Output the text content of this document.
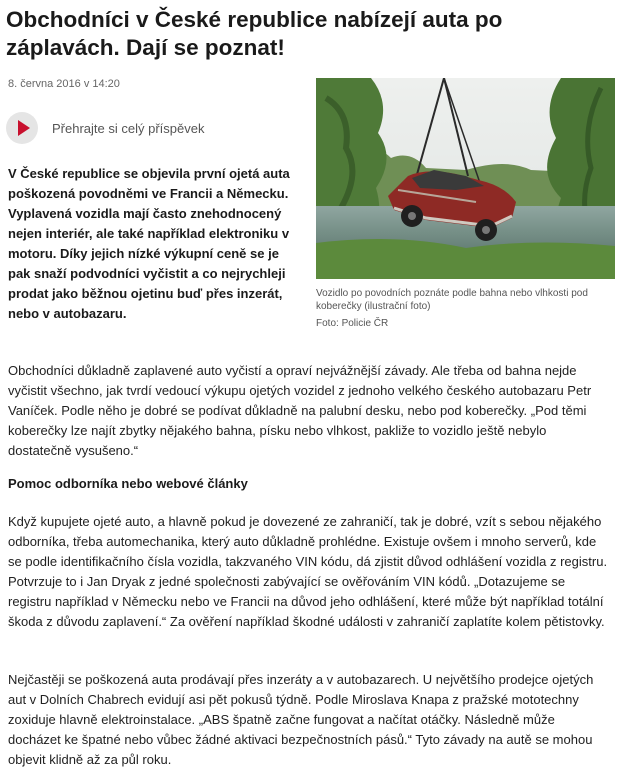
Obchodníci v České republice nabízejí auta po záplavách. Dají se poznat!
8. června 2016 v 14:20
Přehrajte si celý příspěvek

V České republice se objevila první ojetá auta poškozená povodněmi ve Francii a Německu. Vyplavená vozidla mají často znehodnocený nejen interiér, ale také například elektroniku v motoru. Díky jejich nízké výkupní ceně se je pak snaží podvodníci vyčistit a co nejrychleji prodat jako běžnou ojetinu buď přes inzerát, nebo v autobazaru.

Vozidlo po povodních poznáte podle bahna nebo vlhkosti pod koberečky (ilustrační foto)
Foto: Policie ČR

Obchodníci důkladně zaplavené auto vyčistí a opraví nejvážnější závady. Ale třeba od bahna nejde vyčistit všechno, jak tvrdí vedoucí výkupu ojetých vozidel z jednoho velkého českého autobazaru Petr Vaníček. Podle něho je dobré se podívat důkladně na palubní desku, nebo pod koberečky. „Pod těmi koberečky lze najít zbytky nějakého bahna, písku nebo vlhkost, pakliže to vozidlo ještě nebylo dostatečně vysušeno.“

Pomoc odborníka nebo webové články

Když kupujete ojeté auto, a hlavně pokud je dovezené ze zahraničí, tak je dobré, vzít s sebou nějakého odborníka, třeba automechanika, který auto důkladně prohlédne. Existuje ovšem i mnoho serverů, kde se podle identifikačního čísla vozidla, takzvaného VIN kódu, dá zjistit důvod odhlášení vozidla z registru. Potvrzuje to i Jan Dryak z jedné společnosti zabývající se ověřováním VIN kódů. „Dotazujeme se registru například v Německu nebo ve Francii na důvod jeho odhlášení, které může být například totální škoda z důvodu zaplavení.“ Za ověření například škodné události v zahraničí zaplatíte kolem pětistovky.

Nejčastěji se poškozená auta prodávají přes inzeráty a v autobazarech. U největšího prodejce ojetých aut v Dolních Chabrech evidují asi pět pokusů týdně. Podle Miroslava Knapa z pražské mototechny zoxiduje hlavně elektroinstalace. „ABS špatně začne fungovat a načítat otáčky. Následně může docházet ke špatné nebo vůbec žádné aktivaci bezpečnostních pásů.“ Tyto závady na autě se mohou objevit klidně až za půl roku.
